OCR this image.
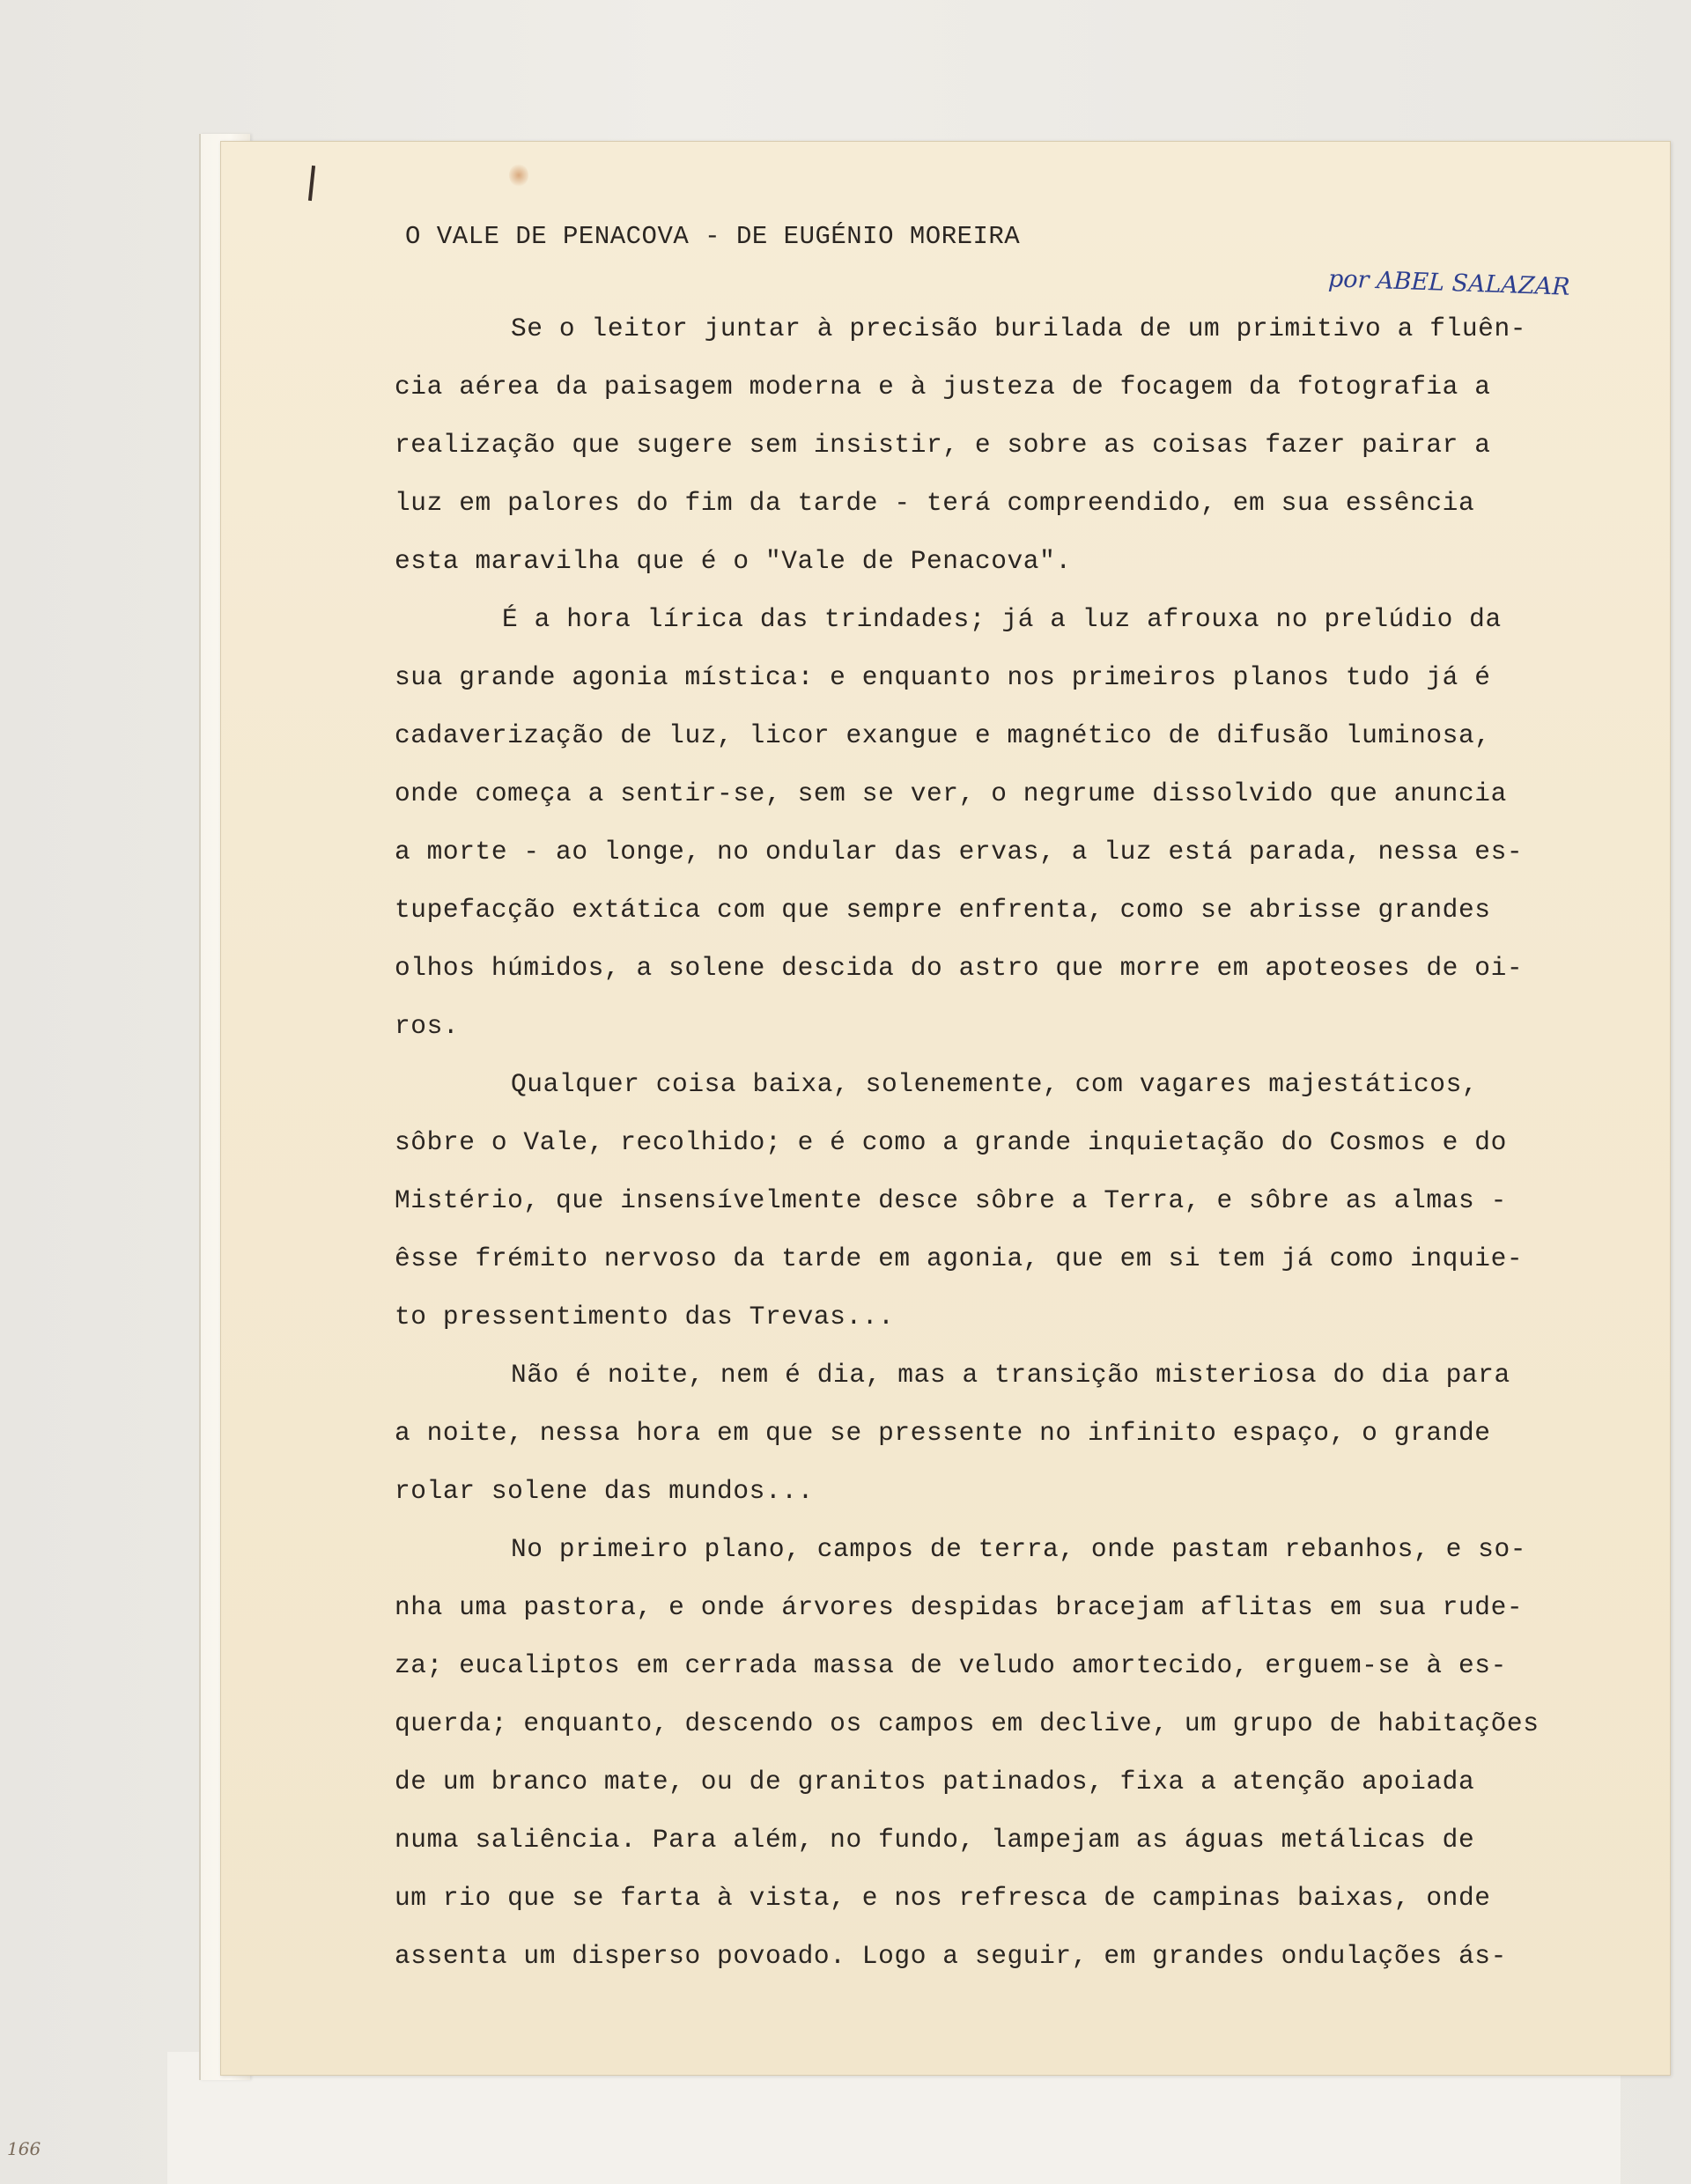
O VALE DE PENACOVA - DE EUGÉNIO MOREIRA
por ABEL SALAZAR
Se o leitor juntar à precisão burilada de um primitivo a fluên-
cia aérea da paisagem moderna e à justeza de focagem da fotografia a
realização que sugere sem insistir, e sobre as coisas fazer pairar a
luz em palores do fim da tarde - terá compreendido, em sua essência
esta maravilha que é o "Vale de Penacova".
É a hora lírica das trindades; já a luz afrouxa no prelúdio da
sua grande agonia mística: e enquanto nos primeiros planos tudo já é
cadaverização de luz, licor exangue e magnético de difusão luminosa,
onde começa a sentir-se, sem se ver, o negrume dissolvido que anuncia
a morte - ao longe, no ondular das ervas, a luz está parada, nessa es-
tupefacção extática com que sempre enfrenta, como se abrisse grandes
olhos húmidos, a solene descida do astro que morre em apoteoses de oi-
ros.
Qualquer coisa baixa, solenemente, com vagares majestáticos,
sôbre o Vale, recolhido; e é como a grande inquietação do Cosmos e do
Mistério, que insensívelmente desce sôbre a Terra, e sôbre as almas -
êsse frémito nervoso da tarde em agonia, que em si tem já como inquie-
to pressentimento das Trevas...
Não é noite, nem é dia, mas a transição misteriosa do dia para
a noite, nessa hora em que se pressente no infinito espaço, o grande
rolar solene das mundos...
No primeiro plano, campos de terra, onde pastam rebanhos, e so-
nha uma pastora, e onde árvores despidas bracejam aflitas em sua rude-
za; eucaliptos em cerrada massa de veludo amortecido, erguem-se à es-
querda; enquanto, descendo os campos em declive, um grupo de habitações
de um branco mate, ou de granitos patinados, fixa a atenção apoiada
numa saliência. Para além, no fundo, lampejam as águas metálicas de
um rio que se farta à vista, e nos refresca de campinas baixas, onde
assenta um disperso povoado. Logo a seguir, em grandes ondulações ás-
166
